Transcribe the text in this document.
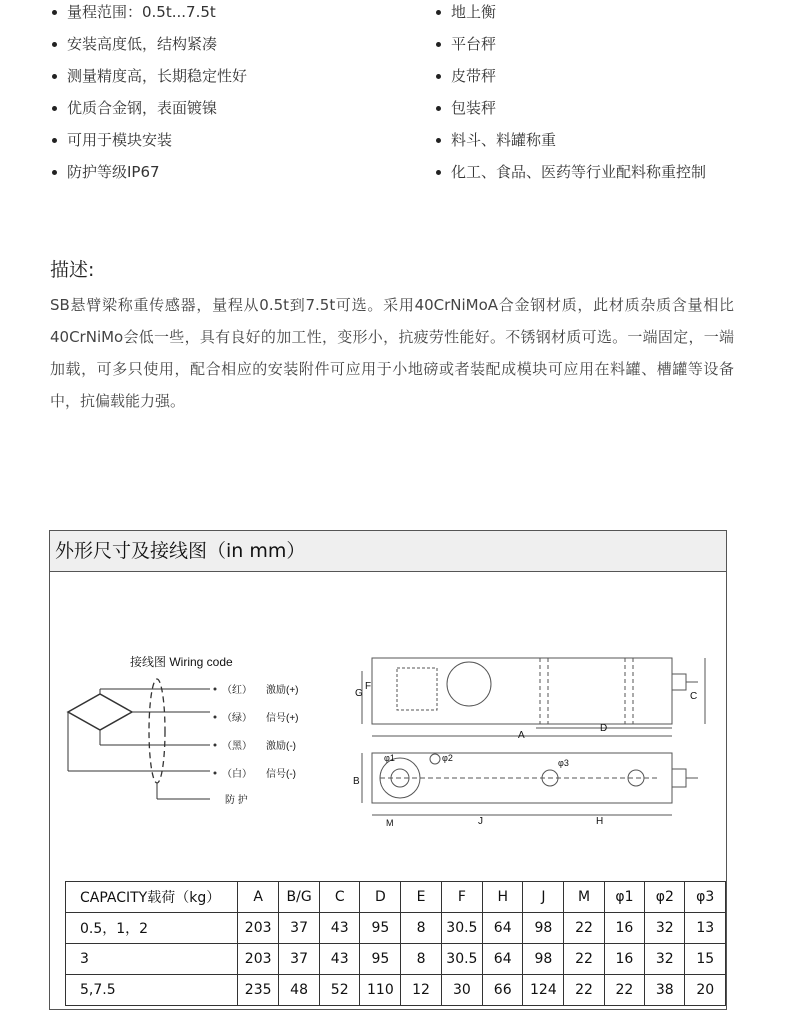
量程范围：0.5t...7.5t
安装高度低，结构紧凑
测量精度高，长期稳定性好
优质合金钢，表面镀镍
可用于模块安装
防护等级IP67
地上衡
平台秤
皮带秤
包装秤
料斗、料罐称重
化工、食品、医药等行业配料称重控制
描述:

SB悬臂梁称重传感器，量程从0.5t到7.5t可选。采用40CrNiMoA合金钢材质，此材质杂质含量相比40CrNiMo会低一些，具有良好的加工性，变形小，抗疲劳性能好。不锈钢材质可选。一端固定，一端加载，可多只使用，配合相应的安装附件可应用于小地磅或者装配成模块可应用在料罐、槽罐等设备中，抗偏载能力强。

外形尺寸及接线图（in mm）
接线图 Wiring code
（红） 激励(+)
（绿） 信号(+)
（黑） 激励(-)
（白） 信号(-)
防 护
A
D
G
F
C
φ1	φ2	φ3
B
M	J	H
CAPACITY载荷（kg）	A	B/G	C	D	E	F	H	J	M	φ1	φ2	φ3
0.5，1，2	203	37	43	95	8	30.5	64	98	22	16	32	13
3	203	37	43	95	8	30.5	64	98	22	16	32	15
5,7.5	235	48	52	110	12	30	66	124	22	22	38	20
